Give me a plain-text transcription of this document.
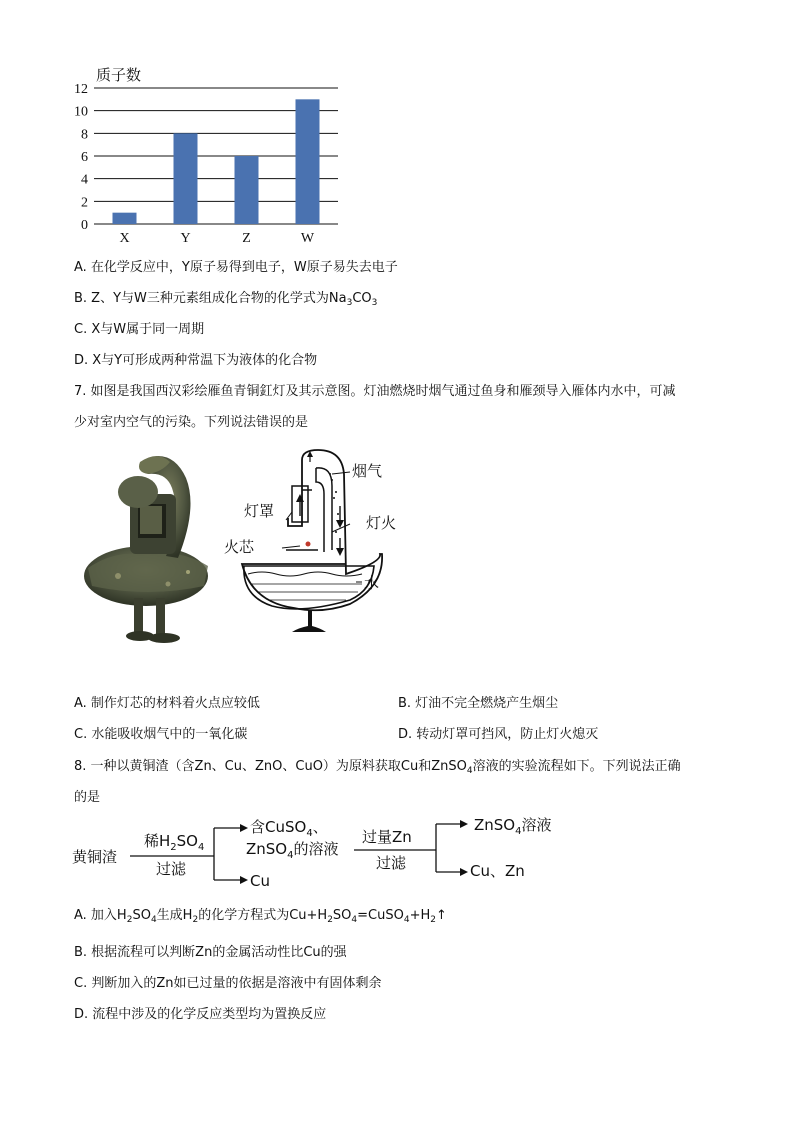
质子数
0
2
4
6
8
10
12
X	Y	Z	W
A. 在化学反应中，Y原子易得到电子，W原子易失去电子
B. Z、Y与W三种元素组成化合物的化学式为$Na_3CO_3$
C. X与W属于同一周期
D. X与Y可形成两种常温下为液体的化合物
7. 如图是我国西汉彩绘雁鱼青铜釭灯及其示意图。灯油燃烧时烟气通过鱼身和雁颈导入雁体内水中，可减
少对室内空气的污染。下列说法错误的是
烟气
灯罩
灯火
火芯
水
A. 制作灯芯的材料着火点应较低	B. 灯油不完全燃烧产生烟尘
C. 水能吸收烟气中的一氧化碳	D. 转动灯罩可挡风，防止灯火熄灭
8. 一种以黄铜渣（含Zn、Cu、ZnO、CuO）为原料获取Cu和ZnSO$_4$溶液的实验流程如下。下列说法正确
的是
黄铜渣
稀$H_2SO_4$
过滤
含CuSO$_4$、
ZnSO$_4$的溶液
Cu
过量Zn
过滤
ZnSO$_4$溶液
Cu、Zn
A. 加入$H_2SO_4$生成$H_2$的化学方程式为$Cu+H_2SO_4=CuSO_4+H_2↑$
B. 根据流程可以判断Zn的金属活动性比Cu的强
C. 判断加入的Zn如已过量的依据是溶液中有固体剩余
D. 流程中涉及的化学反应类型均为置换反应
